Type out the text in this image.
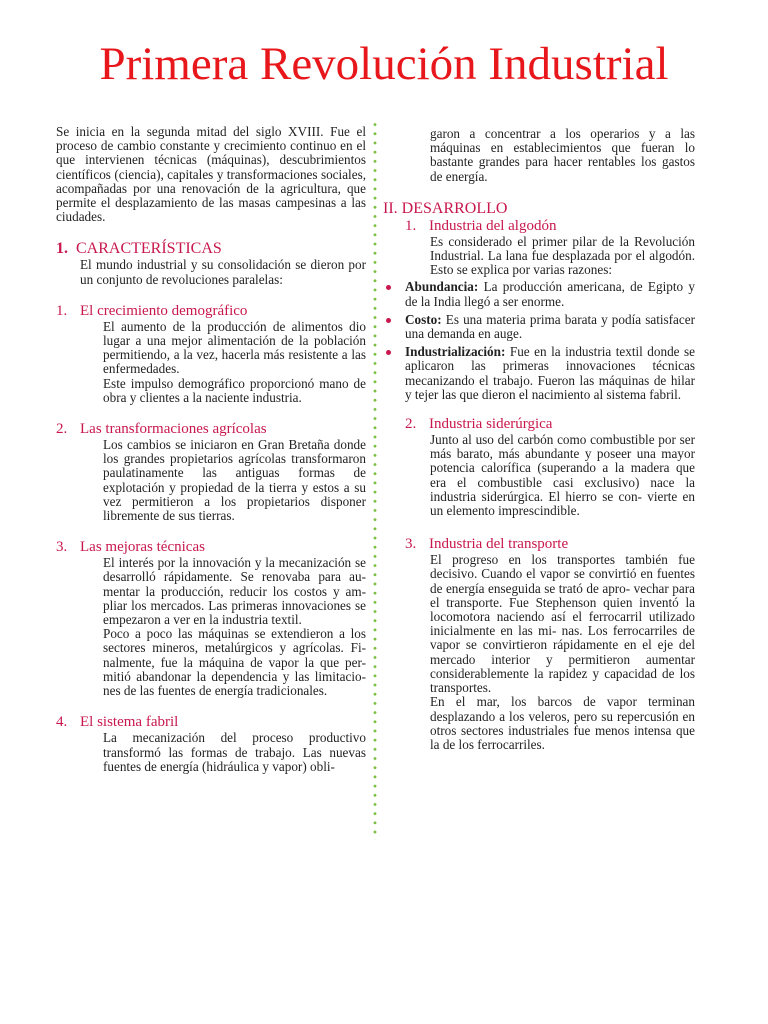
Primera Revolución Industrial

Se inicia en la segunda mitad del siglo XVIII. Fue el proceso de cambio constante y crecimiento continuo en el que intervienen técnicas (máquinas), descubrimientos científicos (ciencia), capitales y transformaciones sociales, acompañadas por una renovación de la agricultura, que permite el desplazamiento de las masas campesinas a las ciudades.

1. CARACTERÍSTICAS

El mundo industrial y su consolidación se dieron por un conjunto de revoluciones paralelas:

1. El crecimiento demográfico

El aumento de la producción de alimentos dio lugar a una mejor alimentación de la población permitiendo, a la vez, hacerla más resistente a las enfermedades.

Este impulso demográfico proporcionó mano de obra y clientes a la naciente industria.

2. Las transformaciones agrícolas

Los cambios se iniciaron en Gran Bretaña donde los grandes propietarios agrícolas transformaron paulatinamente las antiguas formas de explotación y propiedad de la tierra y estos a su vez permitieron a los propietarios disponer libremente de sus tierras.

3. Las mejoras técnicas

El interés por la innovación y la mecanización se desarrolló rápidamente. Se renovaba para au- mentar la producción, reducir los costos y am- pliar los mercados. Las primeras innovaciones se empezaron a ver en la industria textil.

Poco a poco las máquinas se extendieron a los sectores mineros, metalúrgicos y agrícolas. Fi- nalmente, fue la máquina de vapor la que per- mitió abandonar la dependencia y las limitacio- nes de las fuentes de energía tradicionales.

4. El sistema fabril

La mecanización del proceso productivo transformó las formas de trabajo. Las nuevas fuentes de energía (hidráulica y vapor) obli-

garon a concentrar a los operarios y a las máquinas en establecimientos que fueran lo bastante grandes para hacer rentables los gastos de energía.

II. DESARROLLO
1. Industria del algodón

Es considerado el primer pilar de la Revolución Industrial. La lana fue desplazada por el algodón. Esto se explica por varias razones:

Abundancia: La producción americana, de Egipto y de la India llegó a ser enorme.
Costo: Es una materia prima barata y podía satisfacer una demanda en auge.
Industrialización: Fue en la industria textil donde se aplicaron las primeras innovaciones técnicas mecanizando el trabajo. Fueron las máquinas de hilar y tejer las que dieron el nacimiento al sistema fabril.
2. Industria siderúrgica

Junto al uso del carbón como combustible por ser más barato, más abundante y poseer una mayor potencia calorífica (superando a la madera que era el combustible casi exclusivo) nace la industria siderúrgica. El hierro se con- vierte en un elemento imprescindible.

3. Industria del transporte

El progreso en los transportes también fue decisivo. Cuando el vapor se convirtió en fuentes de energía enseguida se trató de apro- vechar para el transporte. Fue Stephenson quien inventó la locomotora naciendo así el ferrocarril utilizado inicialmente en las mi- nas. Los ferrocarriles de vapor se convirtieron rápidamente en el eje del mercado interior y permitieron aumentar considerablemente la rapidez y capacidad de los transportes.

En el mar, los barcos de vapor terminan desplazando a los veleros, pero su repercusión en otros sectores industriales fue menos intensa que la de los ferrocarriles.
